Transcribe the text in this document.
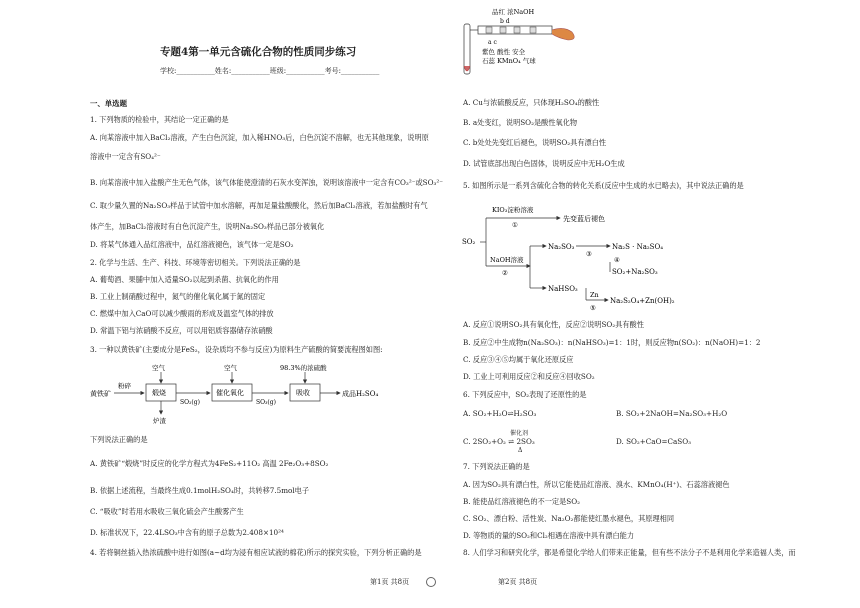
专题4第一单元含硫化合物的性质同步练习
学校:___________姓名:___________班级:___________考号:___________
一、单选题
1. 下列物质的检验中，其结论一定正确的是
A. 向某溶液中加入BaCl₂溶液，产生白色沉淀，加入稀HNO₃后，白色沉淀不溶解，也无其他现象，说明原
溶液中一定含有SO₄²⁻
B. 向某溶液中加入盐酸产生无色气体，该气体能使澄清的石灰水变浑浊，说明该溶液中一定含有CO₃²⁻或SO₃²⁻
C. 取少量久置的Na₂SO₃样品于试管中加水溶解，再加足量盐酸酸化，然后加BaCl₂溶液，若加盐酸时有气
体产生，加BaCl₂溶液时有白色沉淀产生，说明Na₂SO₃样品已部分被氧化
D. 将某气体通入品红溶液中，品红溶液褪色，该气体一定是SO₂
2. 化学与生活、生产、科技、环境等密切相关。下列说法正确的是
A. 葡萄酒、果脯中加入适量SO₂以起到杀菌、抗氧化的作用
B. 工业上制硝酸过程中，氮气的催化氧化属于氮的固定
C. 燃煤中加入CaO可以减少酸雨的形成及温室气体的排放
D. 常温下铝与浓硝酸不反应，可以用铝质容器储存浓硝酸
3. 一种以黄铁矿(主要成分是FeS₂，设杂质均不参与反应)为原料生产硫酸的简要流程图如图:
黄铁矿
粉碎
煅烧
空气
炉渣
SO₂(g)
催化氧化
空气
SO₃(g)
吸收
98.3%的浓硫酸
成品H₂SO₄
下列说法正确的是
A. 黄铁矿“煅烧”时反应的化学方程式为4FeS₂+11O₂ 高温 2Fe₂O₃+8SO₂
B. 依据上述流程，当最终生成0.1molH₂SO₄时，共转移7.5mol电子
C. “吸收”时若用水吸收三氧化硫会产生酸雾产生
D. 标准状况下，22.4LSO₃中含有的原子总数为2.408×10²⁴
4. 若将铜丝插入热浓硫酸中进行如图(a~d均为浸有相应试液的棉花)所示的探究实验，下列分析正确的是
第1页 共8页
品红 浓NaOH
b d
a c
紫色 酸性 安全
石蕊 KMnO₄ 气球
A. Cu与浓硫酸反应，只体现H₂SO₄的酸性
B. a处变红，说明SO₂是酸性氧化物
C. b处处先变红后褪色，说明SO₂具有漂白性
D. 试管底部出现白色固体，说明反应中无H₂O生成
5. 如图所示是一系列含硫化合物的转化关系(反应中生成的水已略去)，其中说法正确的是
SO₂
KIO₃淀粉溶液
①
先变蓝后褪色
NaOH溶液
②
Na₂SO₃
③
Na₂S · Na₂SO₄
④
SO₂+Na₂SO₃
NaHSO₃
Zn
⑤
Na₂S₂O₄+Zn(OH)₂
A. 反应①说明SO₂具有氧化性，反应②说明SO₂具有酸性
B. 反应②中生成物n(Na₂SO₃)：n(NaHSO₃)=1：1时，则反应物n(SO₂)：n(NaOH)=1：2
C. 反应③④⑤均属于氧化还原反应
D. 工业上可利用反应②和反应④回收SO₂
6. 下列反应中，SO₂表现了还原性的是
A. SO₂+H₂O⇌H₂SO₃	B. SO₂+2NaOH=Na₂SO₃+H₂O
催化剂
C. 2SO₂+O₂ ⇌ 2SO₃
Δ
D. SO₂+CaO=CaSO₃
7. 下列说法正确的是
A. 因为SO₂具有漂白性，所以它能使品红溶液、溴水、KMnO₄(H⁺)、石蕊溶液褪色
B. 能使品红溶液褪色的不一定是SO₂
C. SO₂、漂白粉、活性炭、Na₂O₂都能使红墨水褪色，其原理相同
D. 等物质的量的SO₂和Cl₂相遇在溶液中具有漂白能力
8. 人们学习和研究化学，都是希望化学给人们带来正能量，但有些不法分子不是利用化学来造福人类，而
第2页 共8页
